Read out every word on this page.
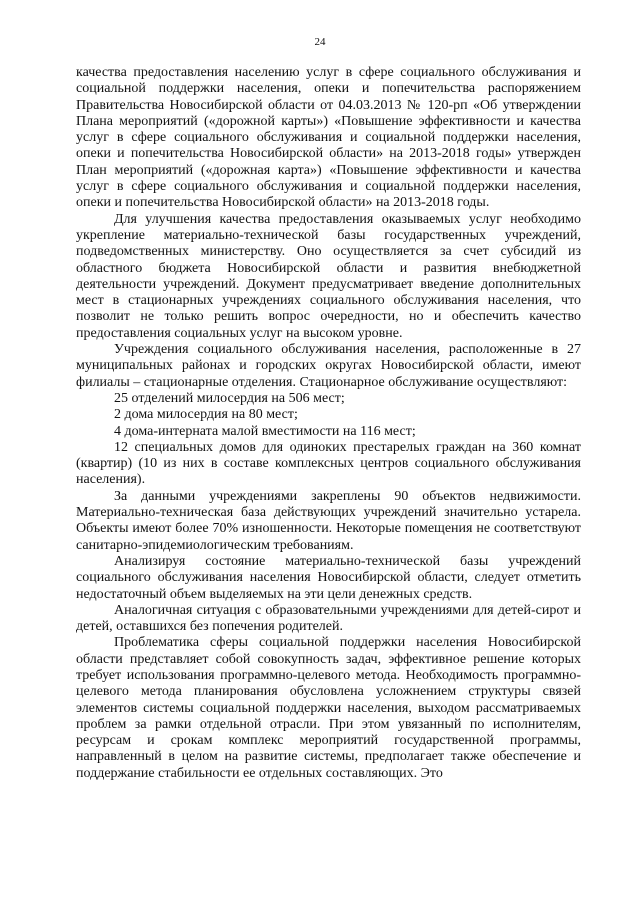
24

качества предоставления населению услуг в сфере социального обслуживания и социальной поддержки населения, опеки и попечительства распоряжением Правительства Новосибирской области от 04.03.2013 № 120-рп «Об утверждении Плана мероприятий («дорожной карты») «Повышение эффективности и качества услуг в сфере социального обслуживания и социальной поддержки населения, опеки и попечительства Новосибирской области» на 2013-2018 годы» утвержден План мероприятий («дорожная карта») «Повышение эффективности и качества услуг в сфере социального обслуживания и социальной поддержки населения, опеки и попечительства Новосибирской области» на 2013-2018 годы.

Для улучшения качества предоставления оказываемых услуг необходимо укрепление материально-технической базы государственных учреждений, подведомственных министерству. Оно осуществляется за счет субсидий из областного бюджета Новосибирской области и развития внебюджетной деятельности учреждений. Документ предусматривает введение дополнительных мест в стационарных учреждениях социального обслуживания населения, что позволит не только решить вопрос очередности, но и обеспечить качество предоставления социальных услуг на высоком уровне.

Учреждения социального обслуживания населения, расположенные в 27 муниципальных районах и городских округах Новосибирской области, имеют филиалы – стационарные отделения. Стационарное обслуживание осуществляют:

25 отделений милосердия на 506 мест;

2 дома милосердия на 80 мест;

4 дома-интерната малой вместимости на 116 мест;

12 специальных домов для одиноких престарелых граждан на 360 комнат (квартир) (10 из них в составе комплексных центров социального обслуживания населения).

За данными учреждениями закреплены 90 объектов недвижимости. Материально-техническая база действующих учреждений значительно устарела. Объекты имеют более 70% изношенности. Некоторые помещения не соответствуют санитарно-эпидемиологическим требованиям.

Анализируя состояние материально-технической базы учреждений социального обслуживания населения Новосибирской области, следует отметить недостаточный объем выделяемых на эти цели денежных средств.

Аналогичная ситуация с образовательными учреждениями для детей-сирот и детей, оставшихся без попечения родителей.

Проблематика сферы социальной поддержки населения Новосибирской области представляет собой совокупность задач, эффективное решение которых требует использования программно-целевого метода. Необходимость программно-целевого метода планирования обусловлена усложнением структуры связей элементов системы социальной поддержки населения, выходом рассматриваемых проблем за рамки отдельной отрасли. При этом увязанный по исполнителям, ресурсам и срокам комплекс мероприятий государственной программы, направленный в целом на развитие системы, предполагает также обеспечение и поддержание стабильности ее отдельных составляющих. Это
